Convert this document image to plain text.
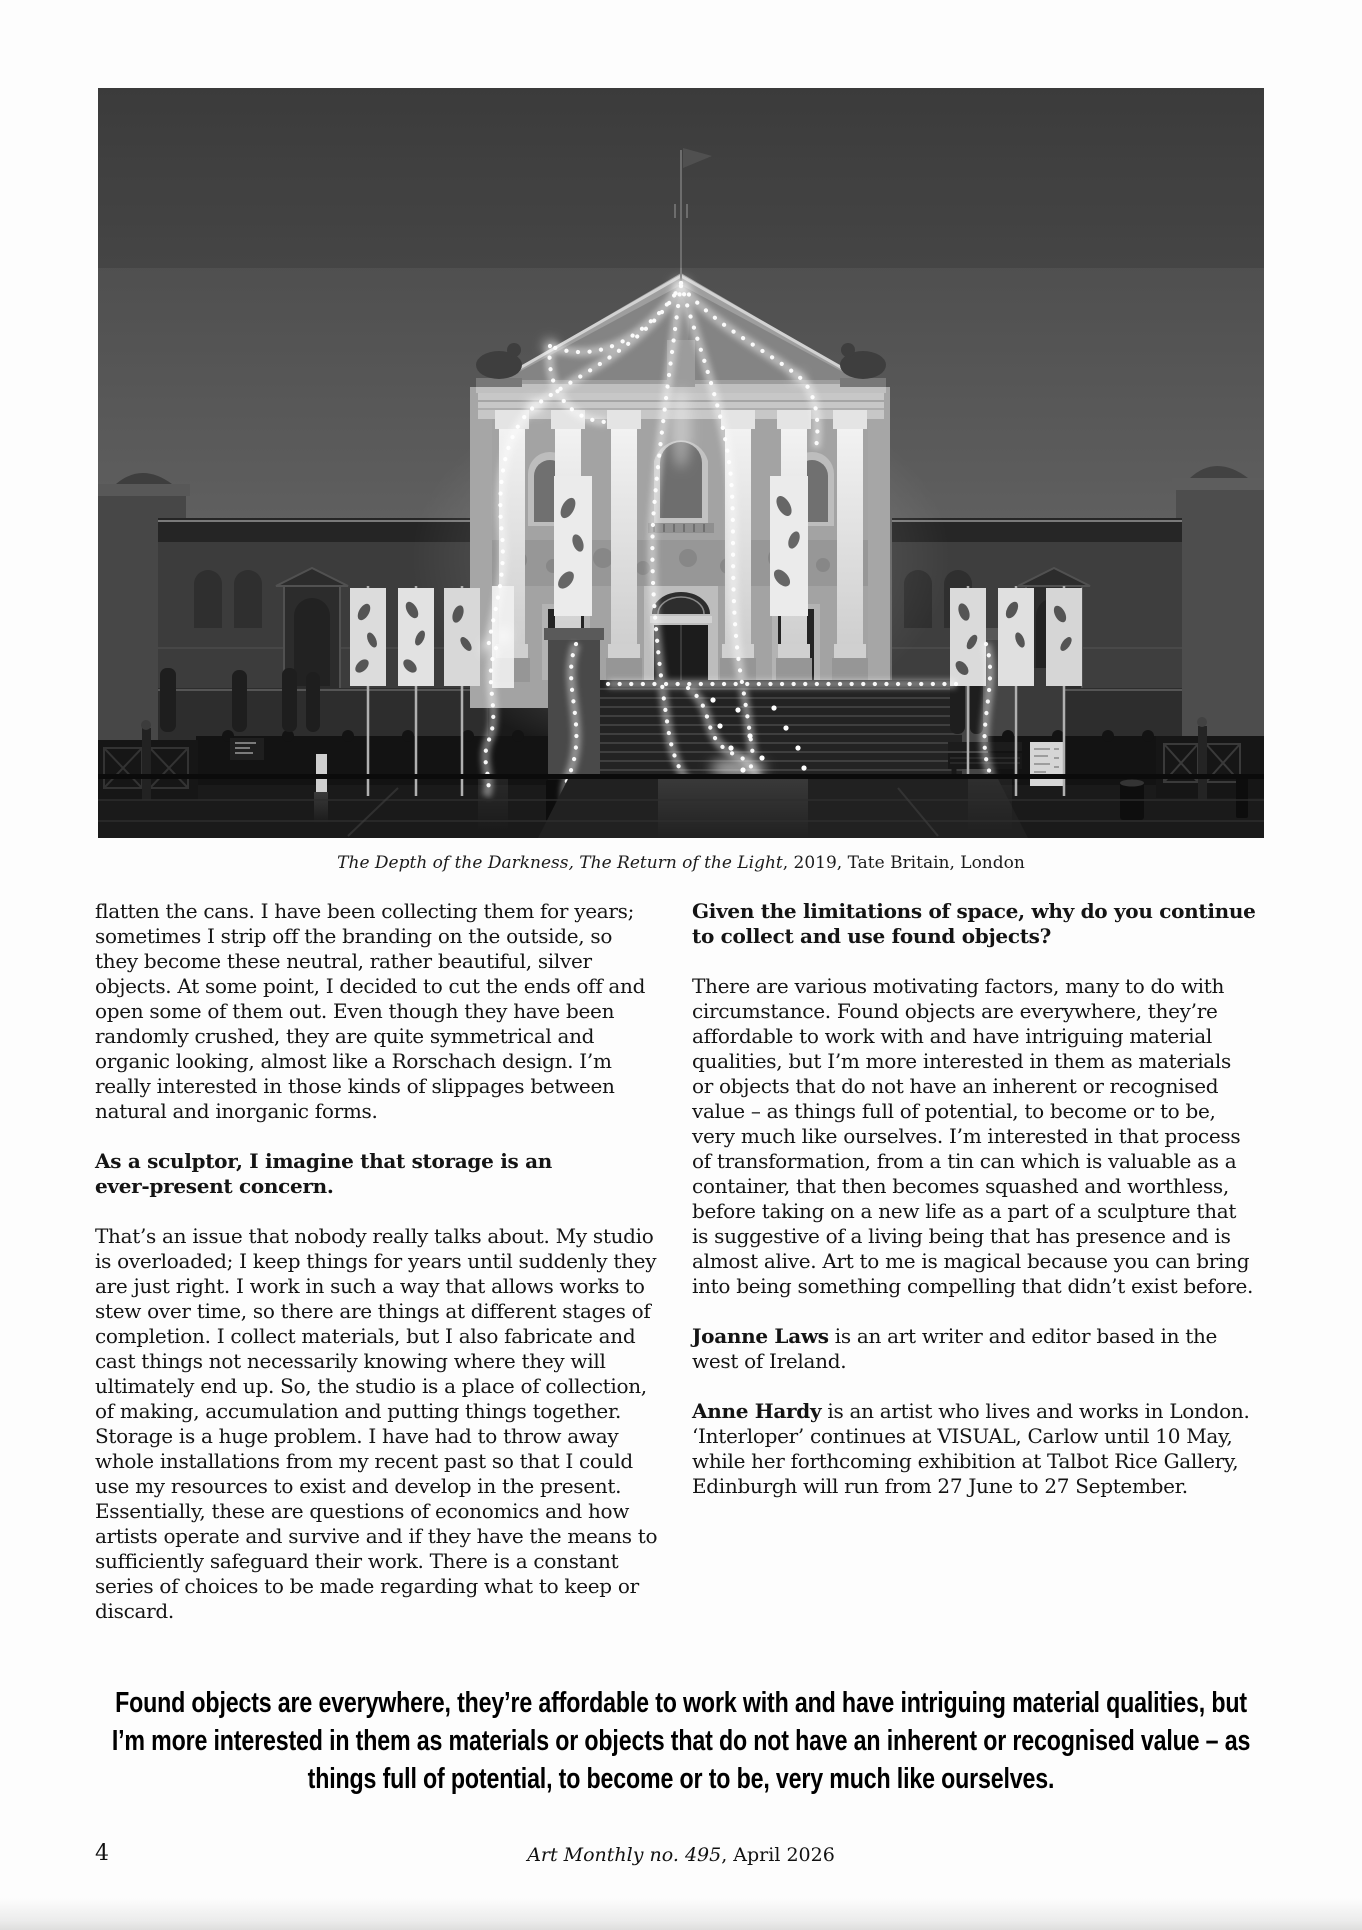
The Depth of the Darkness, The Return of the Light, 2019, Tate Britain, London

flatten the cans. I have been collecting them for years; sometimes I strip off the branding on the outside, so they become these neutral, rather beautiful, silver objects. At some point, I decided to cut the ends off and open some of them out. Even though they have been randomly crushed, they are quite symmetrical and organic looking, almost like a Rorschach design. I’m really interested in those kinds of slippages between natural and inorganic forms.

As a sculptor, I imagine that storage is an ever-present concern.

That’s an issue that nobody really talks about. My studio is overloaded; I keep things for years until suddenly they are just right. I work in such a way that allows works to stew over time, so there are things at different stages of completion. I collect materials, but I also fabricate and cast things not necessarily knowing where they will ultimately end up. So, the studio is a place of collection, of making, accumulation and putting things together. Storage is a huge problem. I have had to throw away whole installations from my recent past so that I could use my resources to exist and develop in the present. Essentially, these are questions of economics and how artists operate and survive and if they have the means to sufficiently safeguard their work. There is a constant series of choices to be made regarding what to keep or discard.

Given the limitations of space, why do you continue to collect and use found objects?

There are various motivating factors, many to do with circumstance. Found objects are everywhere, they’re affordable to work with and have intriguing material qualities, but I’m more interested in them as materials or objects that do not have an inherent or recognised value – as things full of potential, to become or to be, very much like ourselves. I’m interested in that process of transformation, from a tin can which is valuable as a container, that then becomes squashed and worthless, before taking on a new life as a part of a sculpture that is suggestive of a living being that has presence and is almost alive. Art to me is magical because you can bring into being something compelling that didn’t exist before.

Joanne Laws is an art writer and editor based in the west of Ireland.

Anne Hardy is an artist who lives and works in London. ‘Interloper’ continues at VISUAL, Carlow until 10 May, while her forthcoming exhibition at Talbot Rice Gallery, Edinburgh will run from 27 June to 27 September.

Found objects are everywhere, they’re affordable to work with and have intriguing material qualities, but I’m more interested in them as materials or objects that do not have an inherent or recognised value – as things full of potential, to become or to be, very much like ourselves.
4	Art Monthly no. 495, April 2026
